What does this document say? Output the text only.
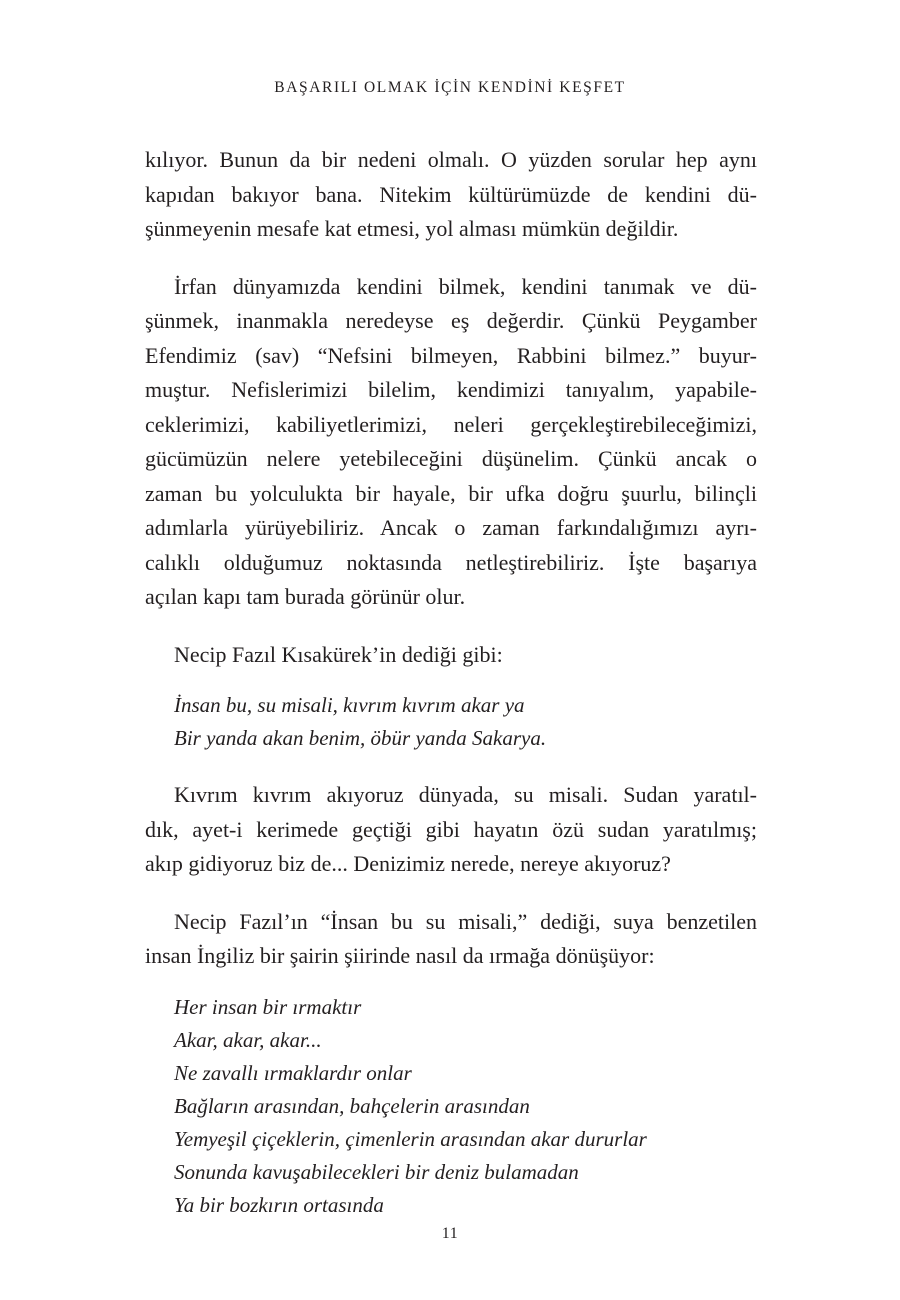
BAŞARILI OLMAK İÇİN KENDİNİ KEŞFET

kılıyor. Bunun da bir nedeni olmalı. O yüzden sorular hep aynı
kapıdan bakıyor bana. Nitekim kültürümüzde de kendini dü-
şünmeyenin mesafe kat etmesi, yol alması mümkün değildir.

İrfan dünyamızda kendini bilmek, kendini tanımak ve dü-
şünmek, inanmakla neredeyse eş değerdir. Çünkü Peygamber
Efendimiz (sav) “Nefsini bilmeyen, Rabbini bilmez.” buyur-
muştur. Nefislerimizi bilelim, kendimizi tanıyalım, yapabile-
ceklerimizi, kabiliyetlerimizi, neleri gerçekleştirebileceğimizi,
gücümüzün nelere yetebileceğini düşünelim. Çünkü ancak o
zaman bu yolculukta bir hayale, bir ufka doğru şuurlu, bilinçli
adımlarla yürüyebiliriz. Ancak o zaman farkındalığımızı ayrı-
calıklı olduğumuz noktasında netleştirebiliriz. İşte başarıya
açılan kapı tam burada görünür olur.

Necip Fazıl Kısakürek’in dediği gibi:

İnsan bu, su misali, kıvrım kıvrım akar ya
Bir yanda akan benim, öbür yanda Sakarya.

Kıvrım kıvrım akıyoruz dünyada, su misali. Sudan yaratıl-
dık, ayet-i kerimede geçtiği gibi hayatın özü sudan yaratılmış;
akıp gidiyoruz biz de... Denizimiz nerede, nereye akıyoruz?

Necip Fazıl’ın “İnsan bu su misali,” dediği, suya benzetilen
insan İngiliz bir şairin şiirinde nasıl da ırmağa dönüşüyor:

Her insan bir ırmaktır
Akar, akar, akar...
Ne zavallı ırmaklardır onlar
Bağların arasından, bahçelerin arasından
Yemyeşil çiçeklerin, çimenlerin arasından akar dururlar
Sonunda kavuşabilecekleri bir deniz bulamadan
Ya bir bozkırın ortasında
11
